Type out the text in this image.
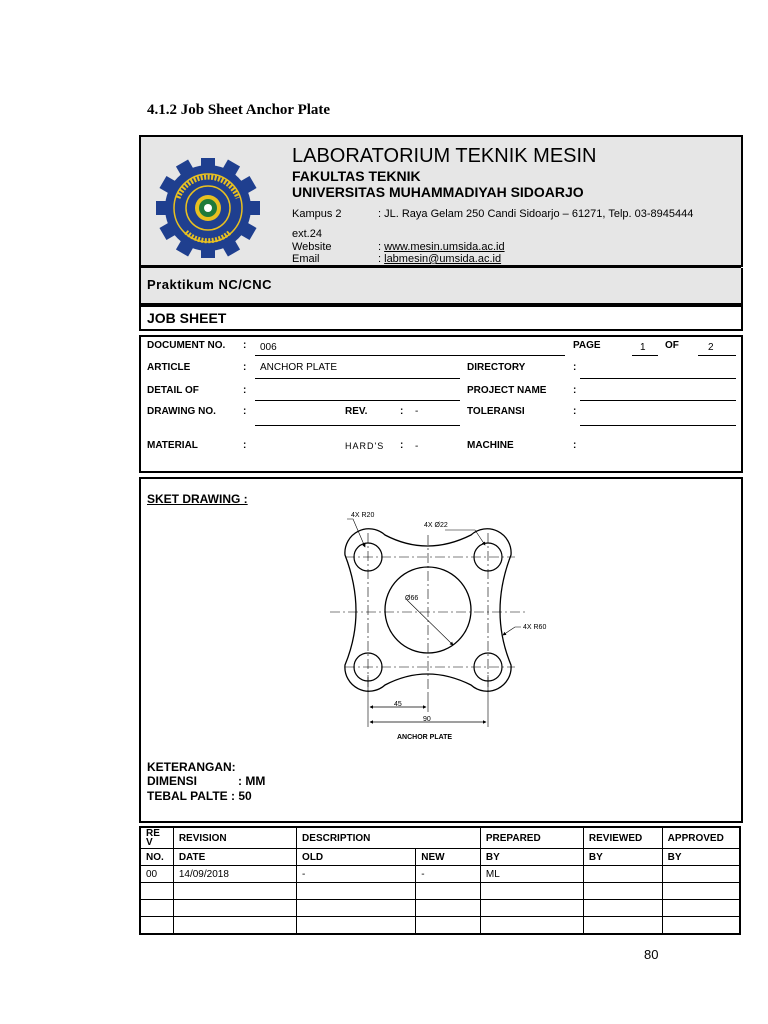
4.1.2 Job Sheet Anchor Plate
LABORATORIUM TEKNIK MESIN
FAKULTAS TEKNIK
UNIVERSITAS MUHAMMADIYAH SIDOARJO
Kampus 2	: JL. Raya Gelam 250 Candi Sidoarjo – 61271, Telp. 03-8945444
ext.24
Website	: www.mesin.umsida.ac.id
Email	: labmesin@umsida.ac.id
Praktikum NC/CNC
JOB SHEET
DOCUMENT NO. : 006	PAGE	1 OF	2
ARTICLE	: ANCHOR PLATE	DIRECTORY	:
DETAIL OF	:	PROJECT NAME	:
DRAWING NO.	:	REV.	: -	TOLERANSI	:
MATERIAL	:	HARD'S : -	MACHINE	:
SKET DRAWING :
4X R20
4X Ø22
Ø66
4X R60
45
90
ANCHOR PLATE
KETERANGAN:
DIMENSI	: MM
TEBAL PALTE : 50
RE V	REVISION	DESCRIPTION		PREPARED	REVIEWED	APPROVED
NO.	DATE	OLD	NEW	BY	BY	BY
00	14/09/2018	-	-	ML		

80
